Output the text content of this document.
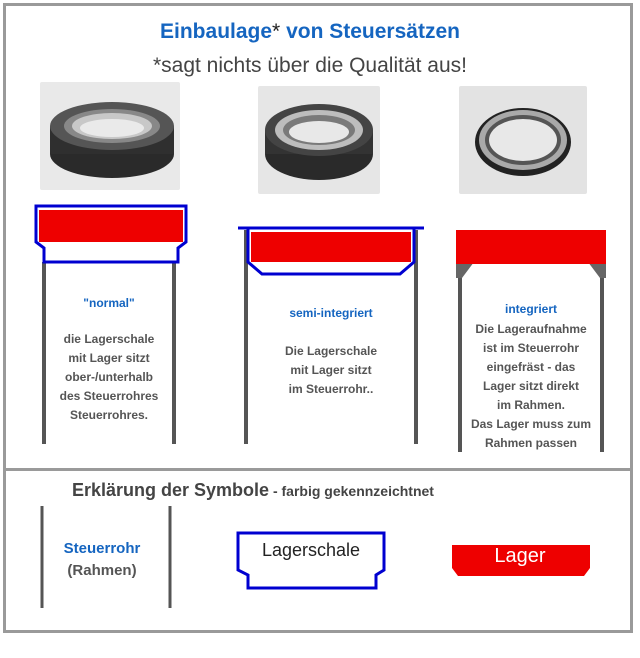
Einbaulage* von Steuersätzen
*sagt nichts über die Qualität aus!
"normal"
die Lagerschale
mit Lager sitzt
ober-/unterhalb
des Steuerrohres
Steuerrohres.
semi-integriert
Die Lagerschale
mit Lager sitzt
im Steuerrohr..
integriert
Die Lageraufnahme
ist im Steuerrohr
eingefräst - das
Lager sitzt direkt
im Rahmen.
Das Lager muss zum
Rahmen passen
Erklärung der Symbole - farbig gekennzeichtnet
Steuerrohr
(Rahmen)
Lagerschale	Lager
